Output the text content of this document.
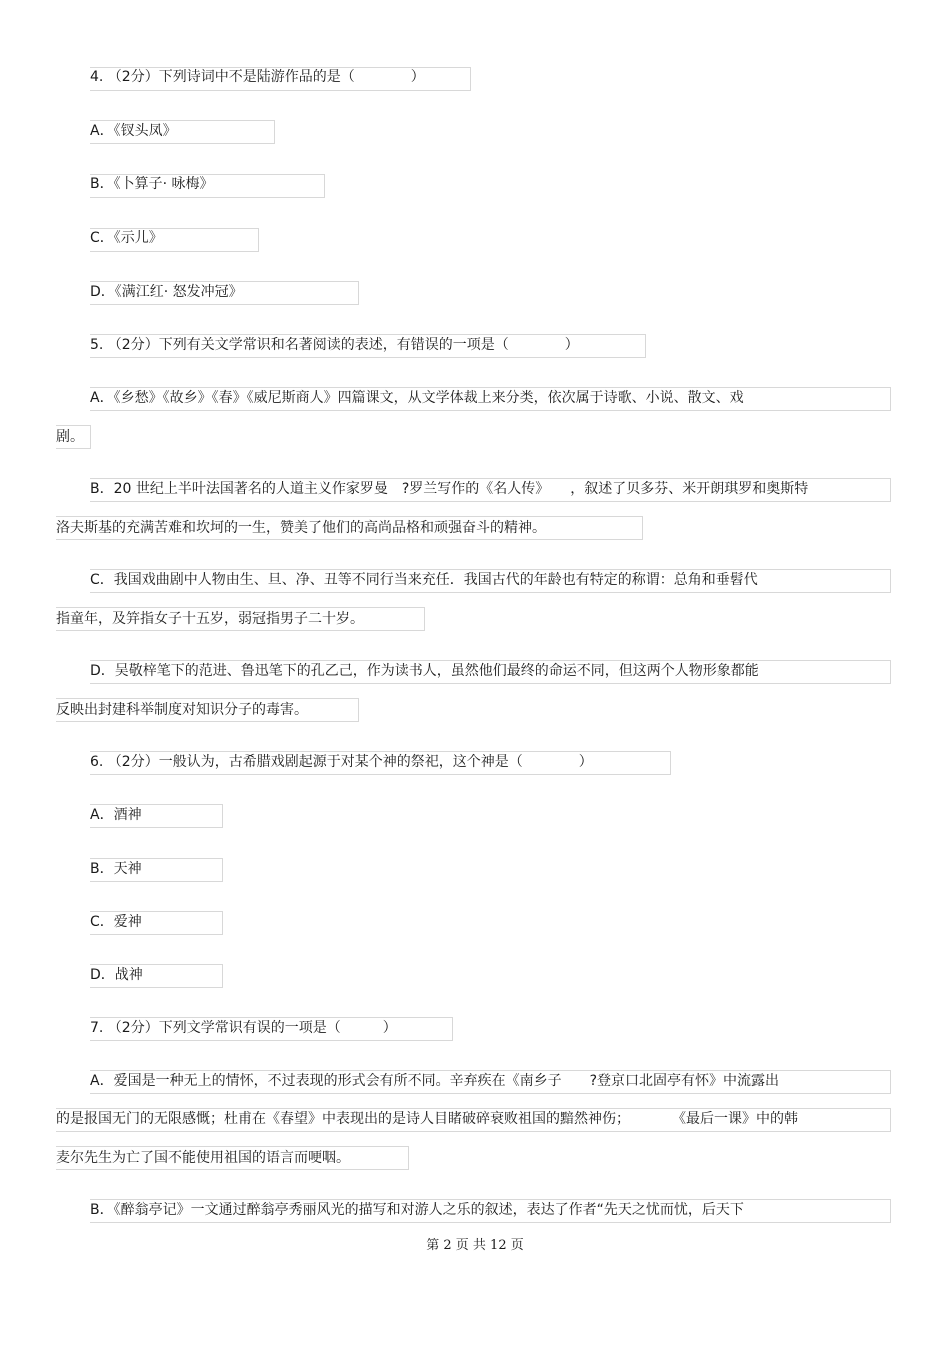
4. （2分）下列诗词中不是陆游作品的是（　　　　）
A．《钗头凤》
B．《卜算子· 咏梅》
C．《示儿》
D．《满江红· 怒发冲冠》
5. （2分）下列有关文学常识和名著阅读的表述，有错误的一项是（　　　　）
A．《乡愁》《故乡》《春》《威尼斯商人》四篇课文，从文学体裁上来分类，依次属于诗歌、小说、散文、戏
剧。
B．20 世纪上半叶法国著名的人道主义作家罗曼　?罗兰写作的《名人传》　　，叙述了贝多芬、米开朗琪罗和奥斯特
洛夫斯基的充满苦难和坎坷的一生，赞美了他们的高尚品格和顽强奋斗的精神。
C．我国戏曲剧中人物由生、旦、净、丑等不同行当来充任．我国古代的年龄也有特定的称谓：总角和垂髫代
指童年，及笄指女子十五岁，弱冠指男子二十岁。
D．吴敬梓笔下的范进、鲁迅笔下的孔乙己，作为读书人，虽然他们最终的命运不同，但这两个人物形象都能
反映出封建科举制度对知识分子的毒害。
6. （2分）一般认为，古希腊戏剧起源于对某个神的祭祀，这个神是（　　　　）
A．酒神
B．天神
C．爱神
D．战神
7. （2分）下列文学常识有误的一项是（　　　）
A．爱国是一种无上的情怀，不过表现的形式会有所不同。辛弃疾在《南乡子　　?登京口北固亭有怀》中流露出
的是报国无门的无限感慨；杜甫在《春望》中表现出的是诗人目睹破碎衰败祖国的黯然神伤；　　　　《最后一课》中的韩
麦尔先生为亡了国不能使用祖国的语言而哽咽。
B．《醉翁亭记》一文通过醉翁亭秀丽风光的描写和对游人之乐的叙述，表达了作者“先天之忧而忧，后天下
第 2 页 共 12 页
